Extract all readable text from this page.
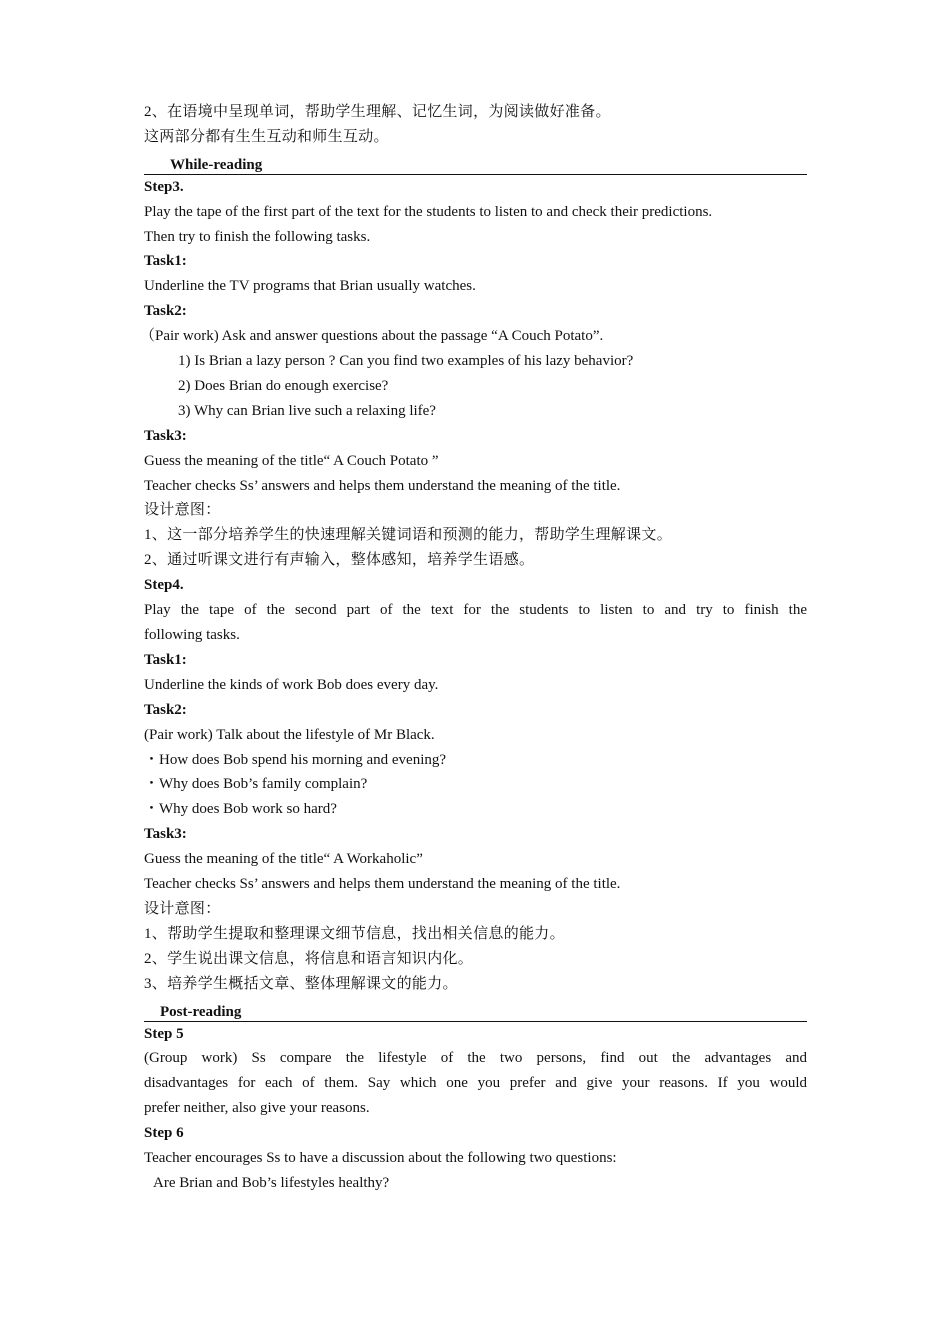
2、在语境中呈现单词，帮助学生理解、记忆生词，为阅读做好准备。
这两部分都有生生互动和师生互动。
While-reading
Step3.
Play the tape of the first part of the text for the students to listen to and check their predictions.
Then try to finish the following tasks.
Task1:
Underline the TV programs that Brian usually watches.
Task2:
（Pair work) Ask and answer questions about the passage “A Couch Potato”.
1) Is Brian a lazy person ? Can you find two examples of his lazy behavior?
2) Does Brian do enough exercise?
3) Why can Brian live such a relaxing life?
Task3:
Guess the meaning of the title“ A Couch Potato ”
Teacher checks Ss’ answers and helps them understand the meaning of the title.
设计意图：
1、这一部分培养学生的快速理解关键词语和预测的能力，帮助学生理解课文。
2、通过听课文进行有声输入，整体感知，培养学生语感。
Step4.
Play the tape of the second part of the text for the students to listen to and try to finish the
following tasks.
Task1:
Underline the kinds of work Bob does every day.
Task2:
(Pair work) Talk about the lifestyle of Mr Black.
・How does Bob spend his morning and evening?
・Why does Bob’s family complain?
・Why does Bob work so hard?
Task3:
Guess the meaning of the title“ A Workaholic”
Teacher checks Ss’ answers and helps them understand the meaning of the title.
设计意图：
1、帮助学生提取和整理课文细节信息，找出相关信息的能力。
2、学生说出课文信息，将信息和语言知识内化。
3、培养学生概括文章、整体理解课文的能力。
Post-reading
Step 5
(Group work) Ss compare the lifestyle of the two persons, find out the advantages and
disadvantages for each of them. Say which one you prefer and give your reasons. If you would
prefer neither, also give your reasons.
Step 6
Teacher encourages Ss to have a discussion about the following two questions:
Are Brian and Bob’s lifestyles healthy?
